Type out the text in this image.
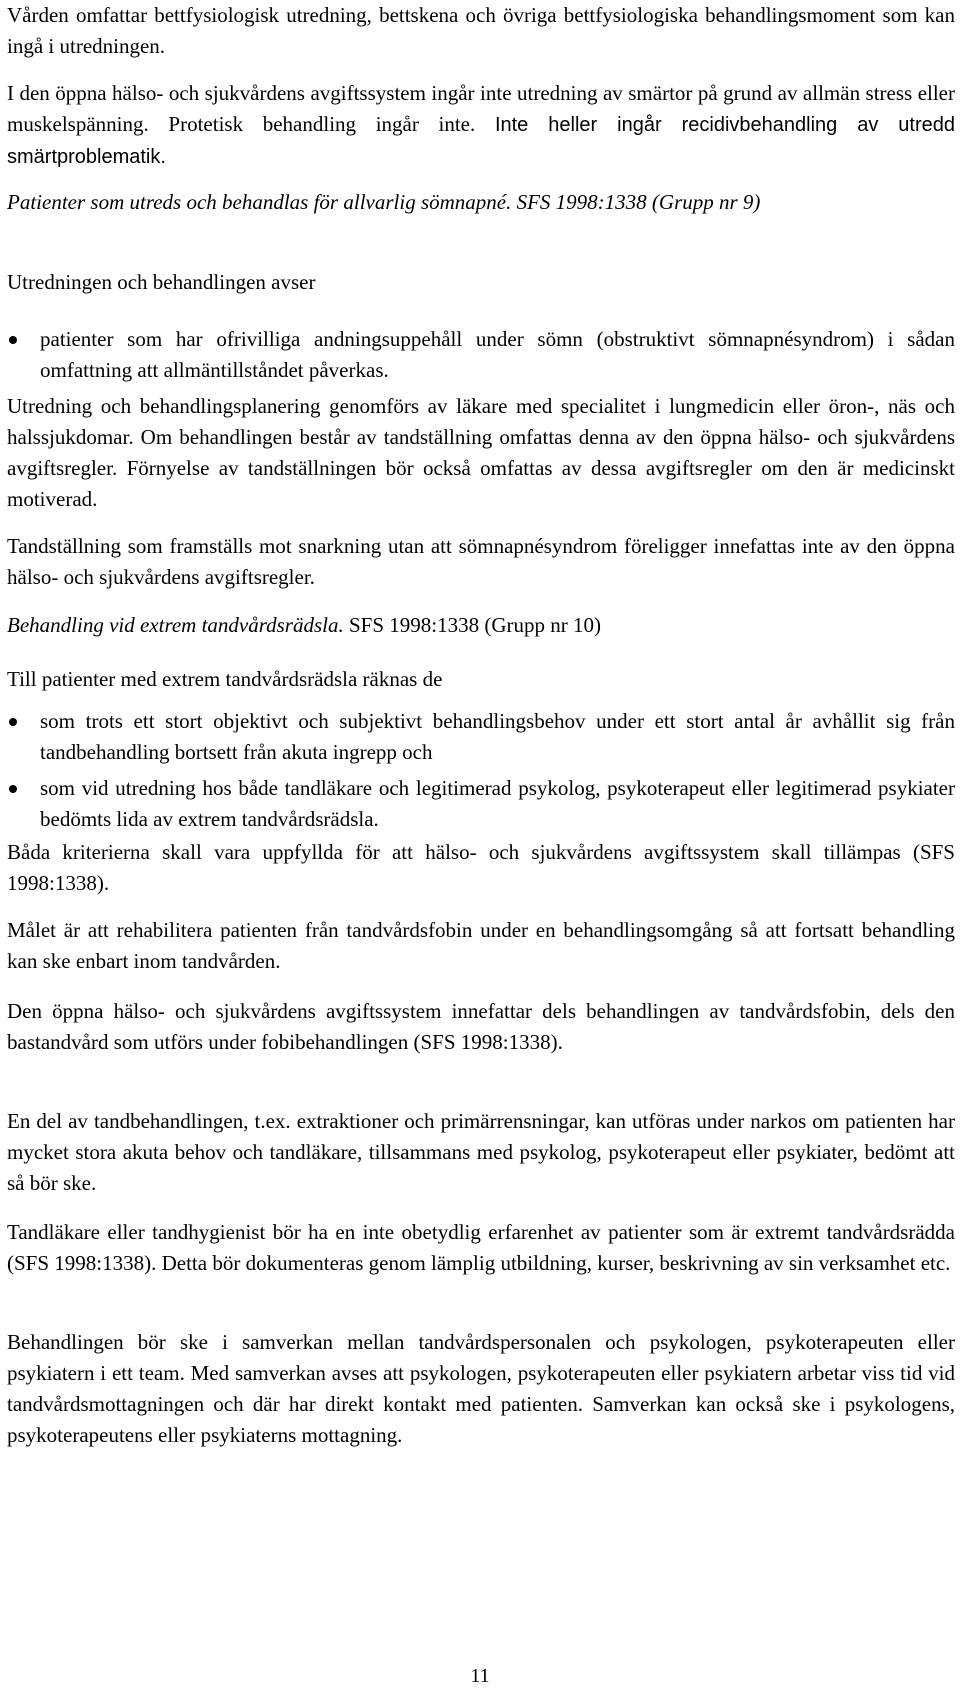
Vården omfattar bettfysiologisk utredning, bettskena och övriga bettfysiologiska behandlingsmoment som kan ingå i utredningen.

I den öppna hälso- och sjukvårdens avgiftssystem ingår inte utredning av smärtor på grund av allmän stress eller muskelspänning. Protetisk behandling ingår inte. Inte heller ingår recidivbehandling av utredd smärtproblematik.

Patienter som utreds och behandlas för allvarlig sömnapné. SFS 1998:1338 (Grupp nr 9)

Utredningen och behandlingen avser

patienter som har ofrivilliga andningsuppehåll under sömn (obstruktivt sömnapnésyndrom) i sådan omfattning att allmäntillståndet påverkas.

Utredning och behandlingsplanering genomförs av läkare med specialitet i lungmedicin eller öron-, näs och halssjukdomar. Om behandlingen består av tandställning omfattas denna av den öppna hälso- och sjukvårdens avgiftsregler. Förnyelse av tandställningen bör också omfattas av dessa avgiftsregler om den är medicinskt motiverad.

Tandställning som framställs mot snarkning utan att sömnapnésyndrom föreligger innefattas inte av den öppna hälso- och sjukvårdens avgiftsregler.

Behandling vid extrem tandvårdsrädsla. SFS 1998:1338 (Grupp nr 10)

Till patienter med extrem tandvårdsrädsla räknas de

som trots ett stort objektivt och subjektivt behandlingsbehov under ett stort antal år avhållit sig från tandbehandling bortsett från akuta ingrepp och

som vid utredning hos både tandläkare och legitimerad psykolog, psykoterapeut eller legitimerad psykiater bedömts lida av extrem tandvårdsrädsla.

Båda kriterierna skall vara uppfyllda för att hälso- och sjukvårdens avgiftssystem skall tillämpas (SFS 1998:1338).

Målet är att rehabilitera patienten från tandvårdsfobin under en behandlingsomgång så att fortsatt behandling kan ske enbart inom tandvården.

Den öppna hälso- och sjukvårdens avgiftssystem innefattar dels behandlingen av tandvårdsfobin, dels den bastandvård som utförs under fobibehandlingen (SFS 1998:1338).

En del av tandbehandlingen, t.ex. extraktioner och primärrensningar, kan utföras under narkos om patienten har mycket stora akuta behov och tandläkare, tillsammans med psykolog, psykoterapeut eller psykiater, bedömt att så bör ske.

Tandläkare eller tandhygienist bör ha en inte obetydlig erfarenhet av patienter som är extremt tandvårdsrädda (SFS 1998:1338). Detta bör dokumenteras genom lämplig utbildning, kurser, beskrivning av sin verksamhet etc.

Behandlingen bör ske i samverkan mellan tandvårdspersonalen och psykologen, psykoterapeuten eller psykiatern i ett team. Med samverkan avses att psykologen, psykoterapeuten eller psykiatern arbetar viss tid vid tandvårdsmottagningen och där har direkt kontakt med patienten. Samverkan kan också ske i psykologens, psykoterapeutens eller psykiaterns mottagning.

11
